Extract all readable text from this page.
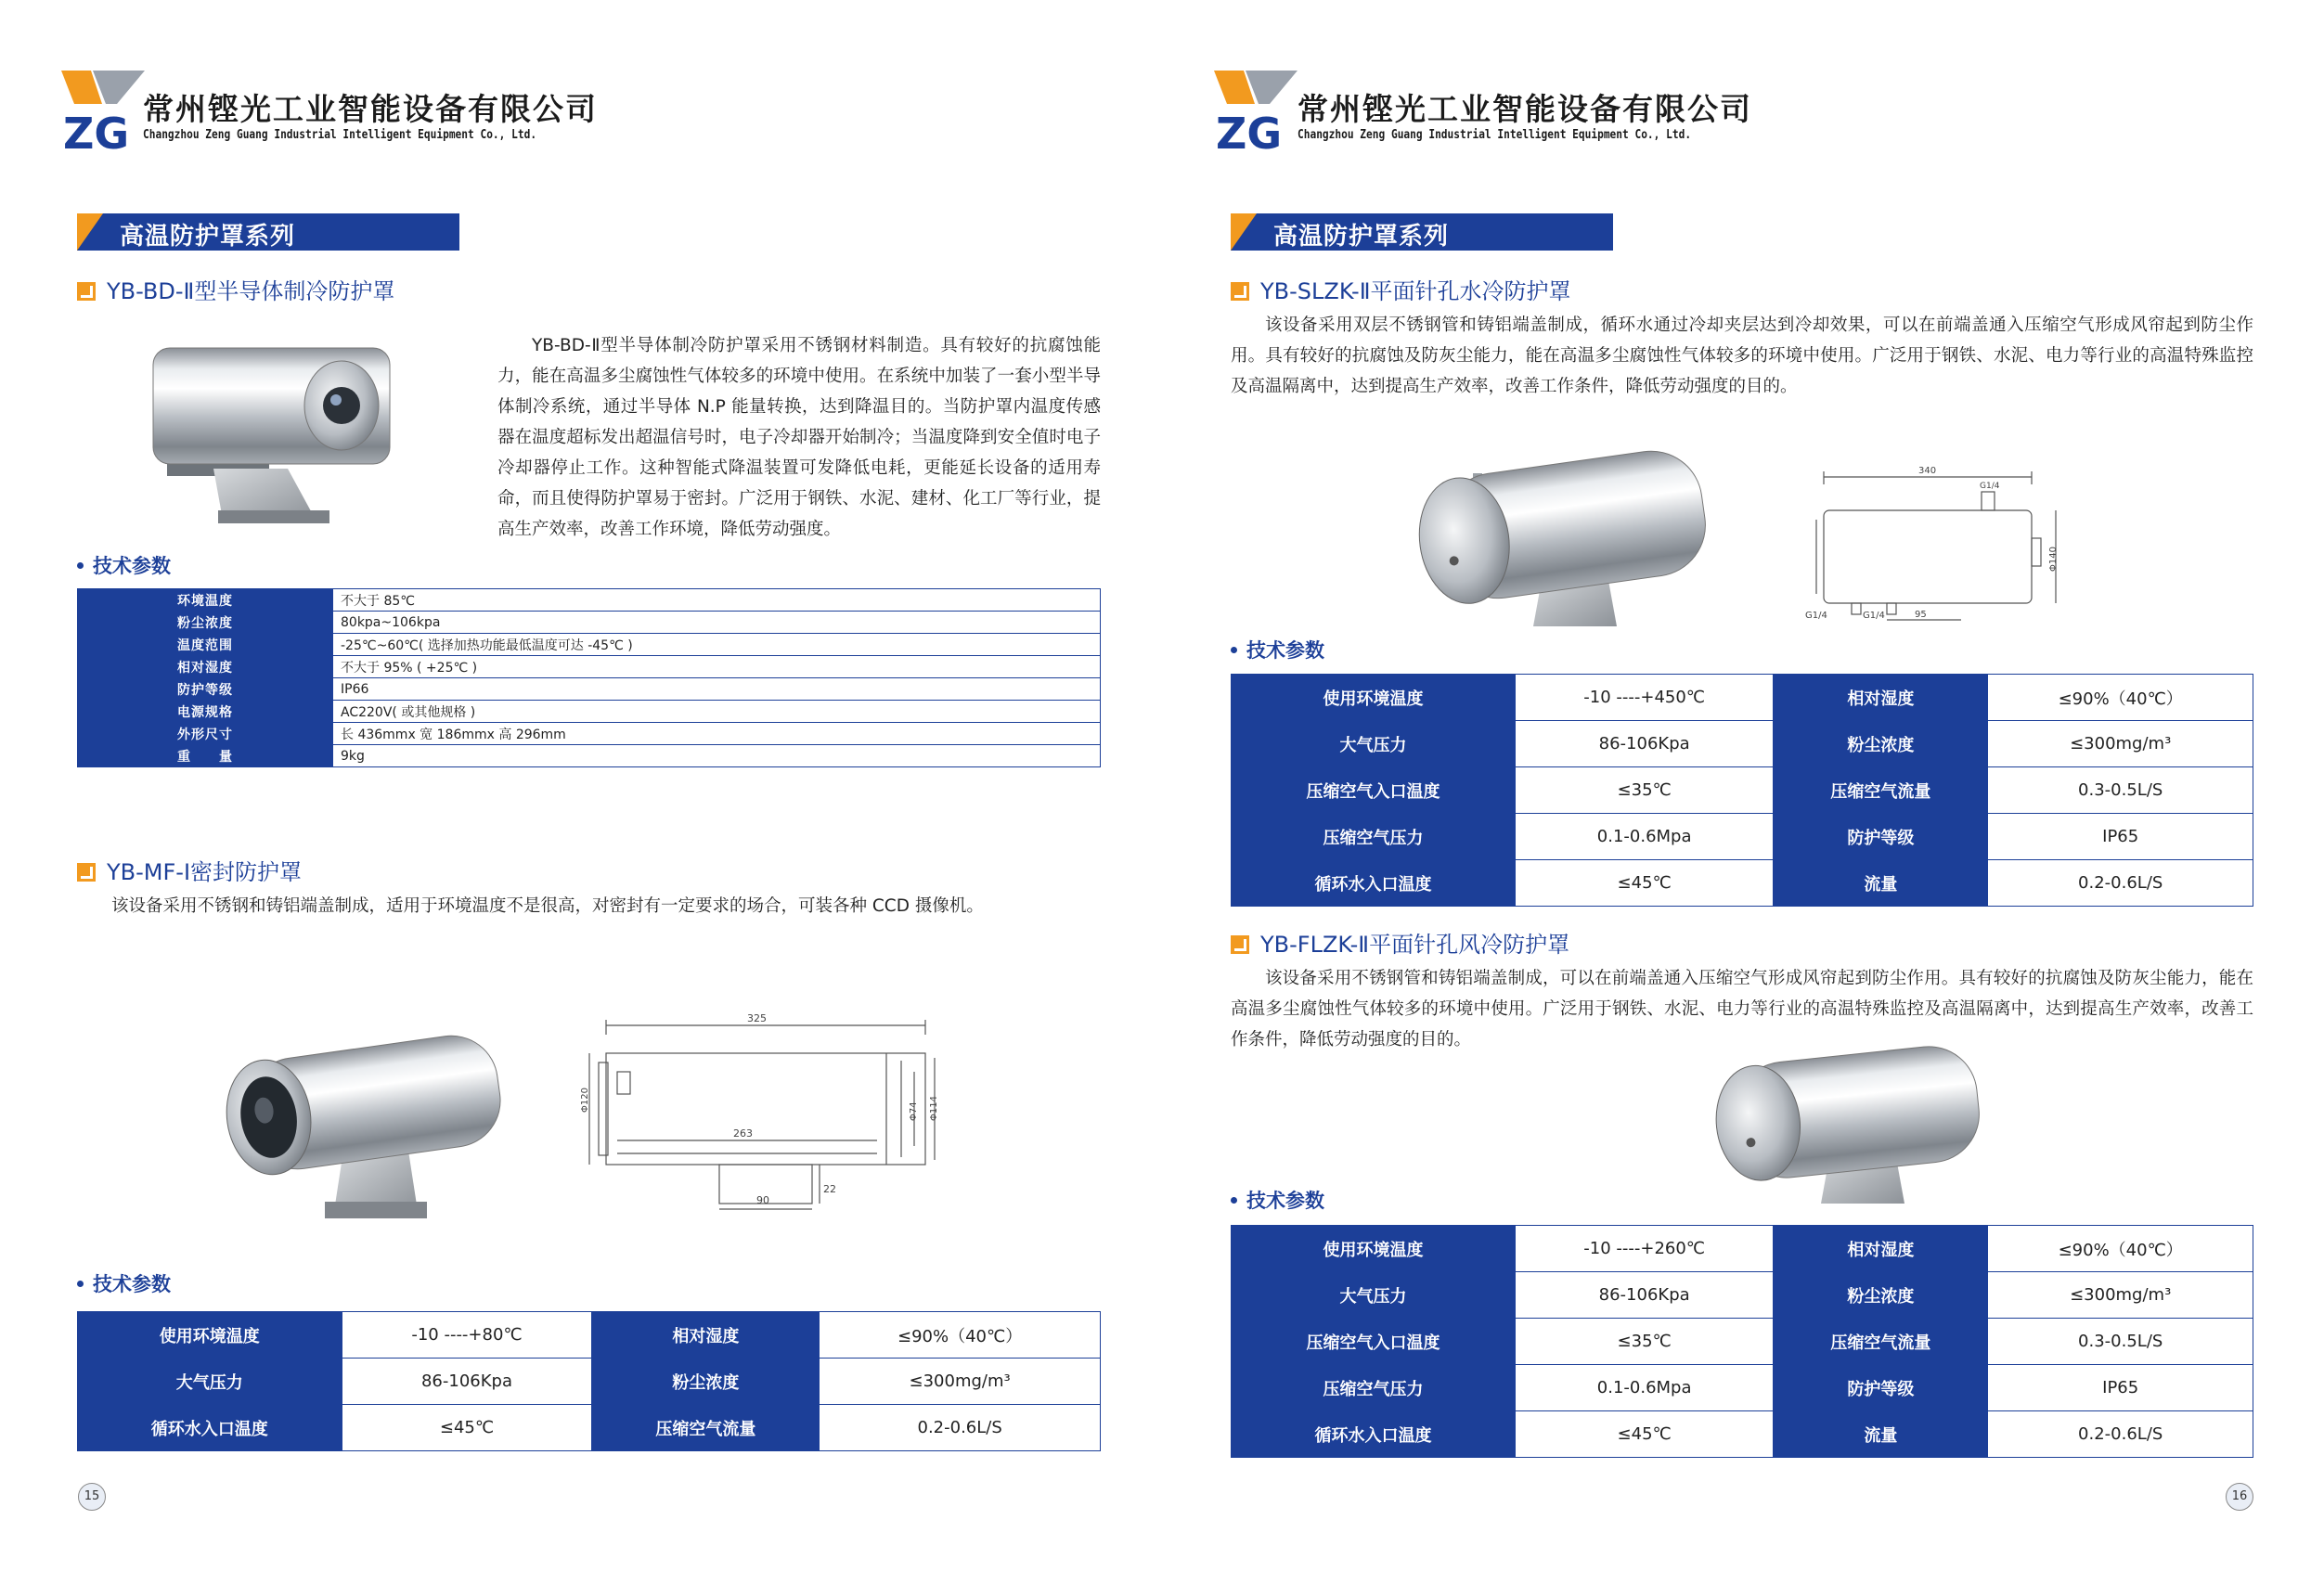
ZG 常州铿光工业智能设备有限公司
Changzhou Zeng Guang Industrial Intelligent Equipment Co., Ltd.
高温防护罩系列
YB-BD-Ⅱ型半导体制冷防护罩
YB-BD-Ⅱ型半导体制冷防护罩采用不锈钢材料制造。具有较好的抗腐蚀能力，能在高温多尘腐蚀性气体较多的环境中使用。在系统中加装了一套小型半导体制冷系统，通过半导体 N.P 能量转换，达到降温目的。当防护罩内温度传感器在温度超标发出超温信号时，电子冷却器开始制冷；当温度降到安全值时电子冷却器停止工作。这种智能式降温装置可发降低电耗，更能延长设备的适用寿命，而且使得防护罩易于密封。广泛用于钢铁、水泥、建材、化工厂等行业，提高生产效率，改善工作环境，降低劳动强度。
技术参数
环境温度	不大于 85℃
粉尘浓度	80kpa~106kpa
温度范围	-25℃~60℃( 选择加热功能最低温度可达 -45℃ )
相对湿度	不大于 95% ( +25℃ )
防护等级	IP66
电源规格	AC220V( 或其他规格 )
外形尺寸	长 436mmx 宽 186mmx 高 296mm
重　　量	9kg
YB-MF-Ⅰ密封防护罩
该设备采用不锈钢和铸铝端盖制成，适用于环境温度不是很高，对密封有一定要求的场合，可装各种 CCD 摄像机。
325
263
90
22
Φ120	Φ74 Φ114
技术参数
使用环境温度	-10 ----+80℃	相对湿度	≤90%（40℃）
大气压力	86-106Kpa	粉尘浓度	≤300mg/m³
循环水入口温度	≤45℃	压缩空气流量	0.2-0.6L/S
15
ZG 常州铿光工业智能设备有限公司
Changzhou Zeng Guang Industrial Intelligent Equipment Co., Ltd.
高温防护罩系列
YB-SLZK-Ⅱ平面针孔水冷防护罩
该设备采用双层不锈钢管和铸铝端盖制成，循环水通过冷却夹层达到冷却效果，可以在前端盖通入压缩空气形成风帘起到防尘作用。具有较好的抗腐蚀及防灰尘能力，能在高温多尘腐蚀性气体较多的环境中使用。广泛用于钢铁、水泥、电力等行业的高温特殊监控及高温隔离中，达到提高生产效率，改善工作条件，降低劳动强度的目的。
340
G1/4
G1/4	G1/4	95
Φ140
技术参数
使用环境温度	-10 ----+450℃	相对湿度	≤90%（40℃）
大气压力	86-106Kpa	粉尘浓度	≤300mg/m³
压缩空气入口温度	≤35℃	压缩空气流量	0.3-0.5L/S
压缩空气压力	0.1-0.6Mpa	防护等级	IP65
循环水入口温度	≤45℃	流量	0.2-0.6L/S
YB-FLZK-Ⅱ平面针孔风冷防护罩
该设备采用不锈钢管和铸铝端盖制成，可以在前端盖通入压缩空气形成风帘起到防尘作用。具有较好的抗腐蚀及防灰尘能力，能在高温多尘腐蚀性气体较多的环境中使用。广泛用于钢铁、水泥、电力等行业的高温特殊监控及高温隔离中，达到提高生产效率，改善工作条件，降低劳动强度的目的。
技术参数
使用环境温度	-10 ----+260℃	相对湿度	≤90%（40℃）
大气压力	86-106Kpa	粉尘浓度	≤300mg/m³
压缩空气入口温度	≤35℃	压缩空气流量	0.3-0.5L/S
压缩空气压力	0.1-0.6Mpa	防护等级	IP65
循环水入口温度	≤45℃	流量	0.2-0.6L/S
16
